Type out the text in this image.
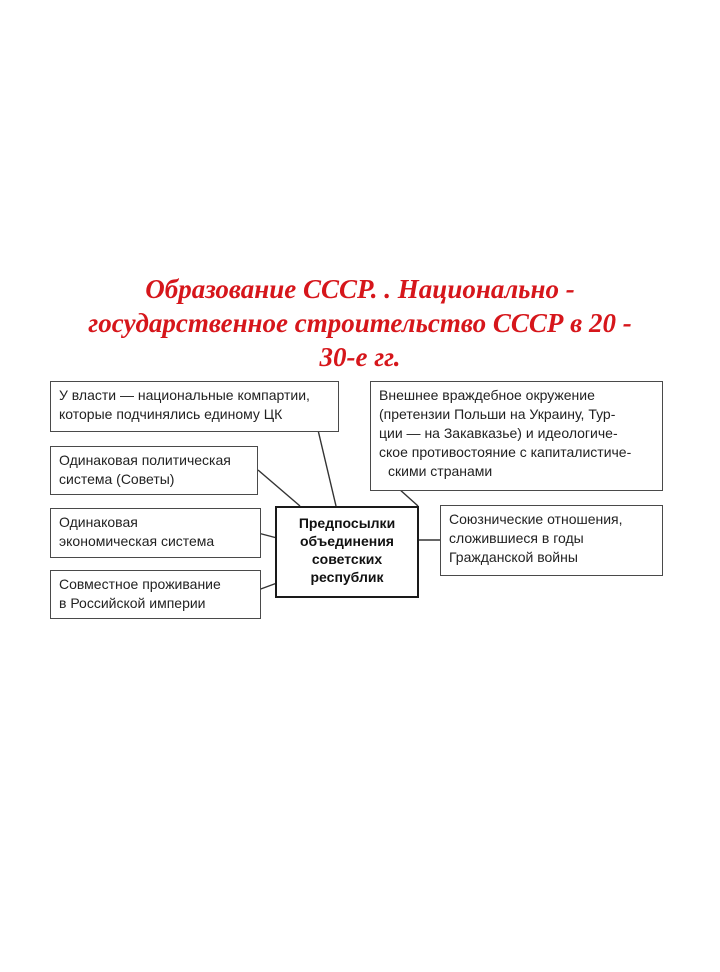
Образование СССР. . Национально -
государственное строительство СССР в 20 -
30-е гг.
У власти — национальные компартии,
которые подчинялись единому ЦК
Одинаковая политическая
система (Советы)
Одинаковая
экономическая система
Совместное проживание
в Российской империи
Предпосылки
объединения
советских
республик
Внешнее враждебное окружение
(претензии Польши на Украину, Тур-
ции — на Закавказье) и идеологиче-
ское противостояние с капиталистиче-
скими странами
Союзнические отношения,
сложившиеся в годы
Гражданской войны
